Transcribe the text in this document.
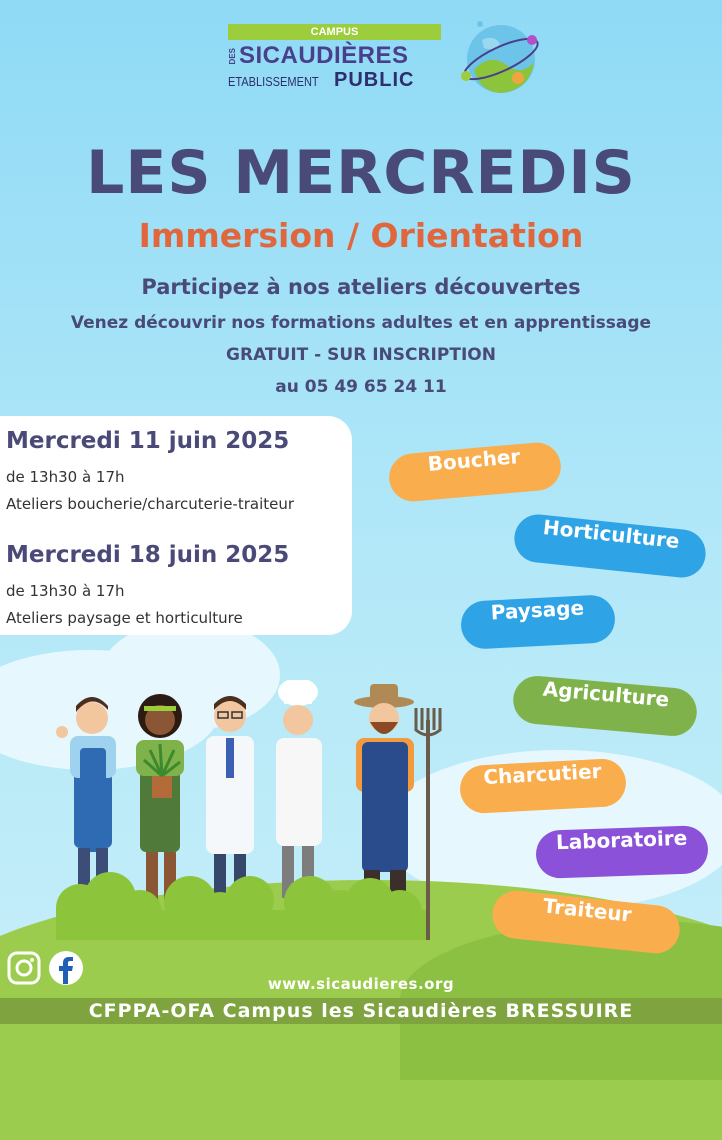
CAMPUS
DES SICAUDIÈRES
ETABLISSEMENT PUBLIC
LES MERCREDIS
Immersion / Orientation
Participez à nos ateliers découvertes
Venez découvrir nos formations adultes et en apprentissage
GRATUIT - SUR INSCRIPTION
au 05 49 65 24 11
Mercredi 11 juin 2025
de 13h30 à 17h
Ateliers boucherie/charcuterie-traiteur
Mercredi 18 juin 2025
de 13h30 à 17h
Ateliers paysage et horticulture
Boucher
Horticulture
Paysage
Agriculture
Charcutier
Laboratoire
Traiteur
www.sicaudieres.org
CFPPA-OFA Campus les Sicaudières BRESSUIRE
